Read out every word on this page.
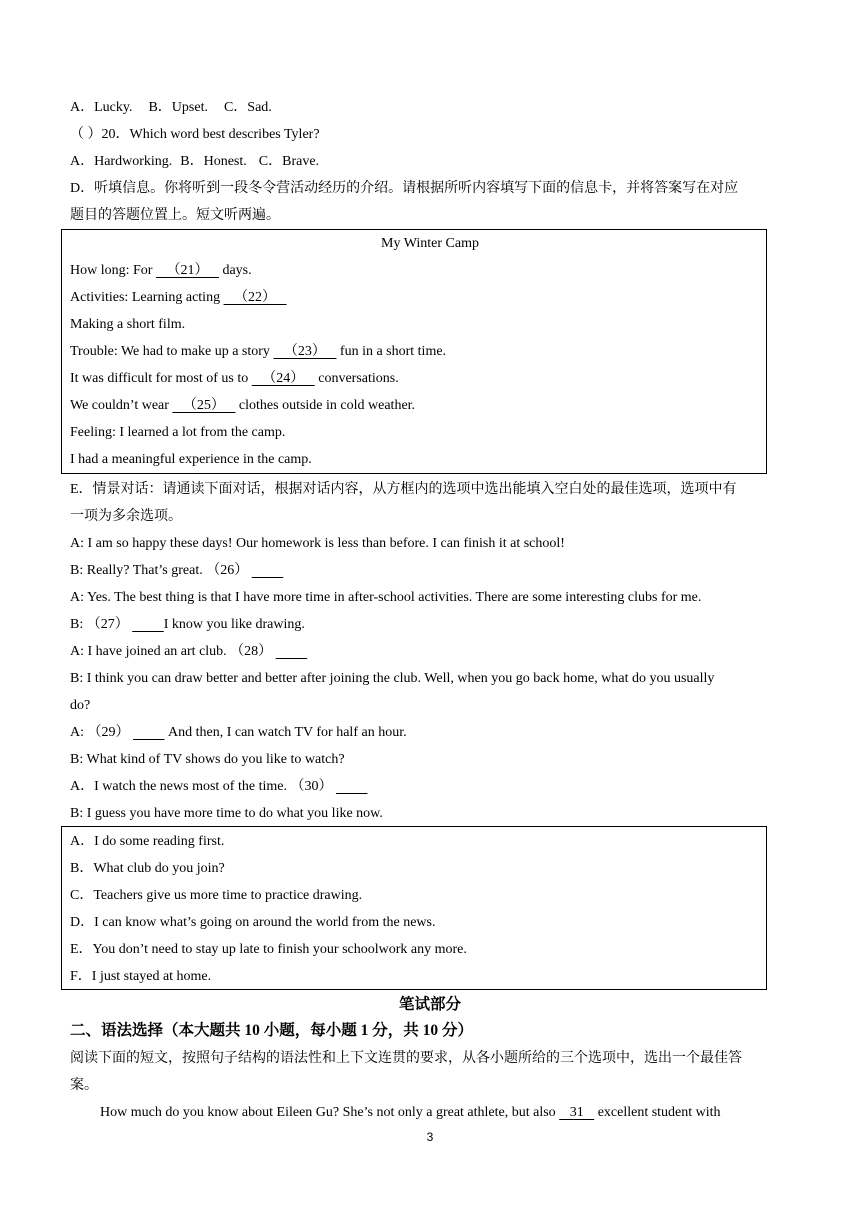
A．Lucky. B．Upset. C．Sad.
（ ）20．Which word best describes Tyler?
A．Hardworking. B．Honest. C．Brave.
D．听填信息。你将听到一段冬令营活动经历的介绍。请根据所听内容填写下面的信息卡，并将答案写在对应
题目的答题位置上。短文听两遍。
My Winter Camp
How long: For    （21）    days.
Activities: Learning acting    （22）
Making a short film.
Trouble: We had to make up a story    （23）    fun in a short time.
It was difficult for most of us to    （24）    conversations.
We couldn’t wear    （25）    clothes outside in cold weather.
Feeling: I learned a lot from the camp.
I had a meaningful experience in the camp.
E．情景对话：请通读下面对话，根据对话内容，从方框内的选项中选出能填入空白处的最佳选项，选项中有
一项为多余选项。
A: I am so happy these days! Our homework is less than before. I can finish it at school!
B: Really? That’s great. （26）
A: Yes. The best thing is that I have more time in after-school activities. There are some interesting clubs for me.
B: （27）          I know you like drawing.
A: I have joined an art club. （28）
B: I think you can draw better and better after joining the club. Well, when you go back home, what do you usually
do?
A: （29）           And then, I can watch TV for half an hour.
B: What kind of TV shows do you like to watch?
A．I watch the news most of the time. （30）
B: I guess you have more time to do what you like now.
A．I do some reading first.
B．What club do you join?
C．Teachers give us more time to practice drawing.
D．I can know what’s going on around the world from the news.
E．You don’t need to stay up late to finish your schoolwork any more.
F．I just stayed at home.
笔试部分
二、语法选择（本大题共 10 小题，每小题 1 分，共 10 分）
阅读下面的短文，按照句子结构的语法性和上下文连贯的要求，从各小题所给的三个选项中，选出一个最佳答
案。
How much do you know about Eileen Gu? She’s not only a great athlete, but also    31    excellent student with
3
